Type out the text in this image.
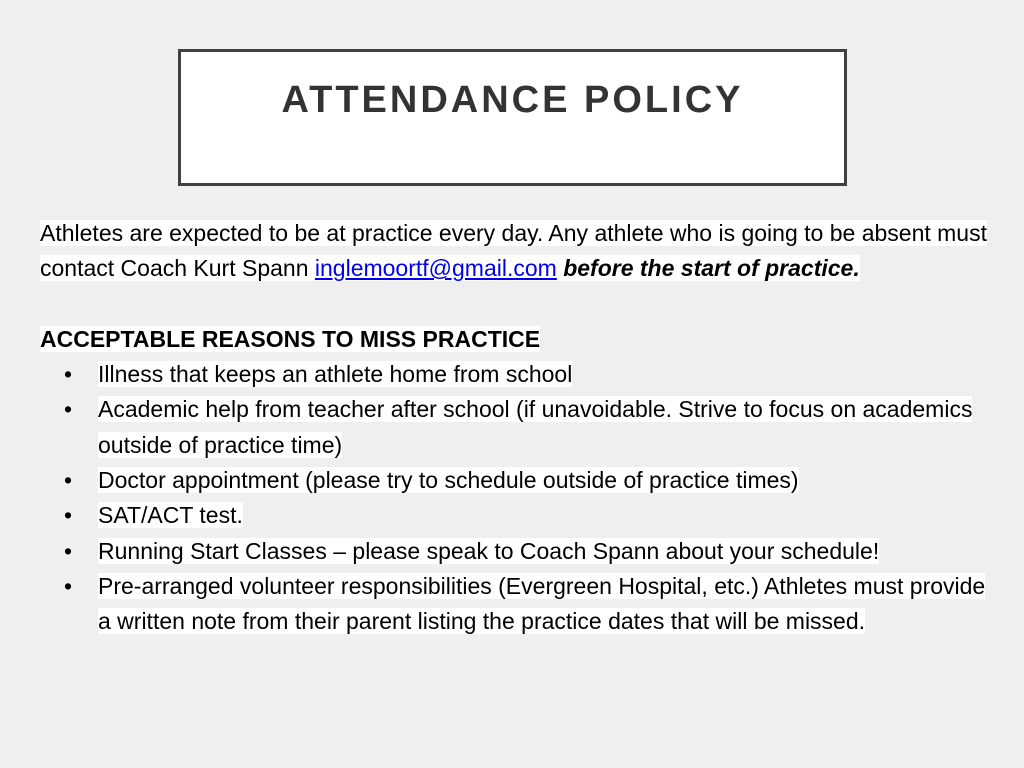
ATTENDANCE POLICY

Athletes are expected to be at practice every day. Any athlete who is going to be absent must contact Coach Kurt Spann inglemoortf@gmail.com before the start of practice.

ACCEPTABLE REASONS TO MISS PRACTICE
• Illness that keeps an athlete home from school
• Academic help from teacher after school (if unavoidable. Strive to focus on academics outside of practice time)
• Doctor appointment (please try to schedule outside of practice times)
• SAT/ACT test.
• Running Start Classes – please speak to Coach Spann about your schedule!
• Pre-arranged volunteer responsibilities (Evergreen Hospital, etc.) Athletes must provide a written note from their parent listing the practice dates that will be missed.
